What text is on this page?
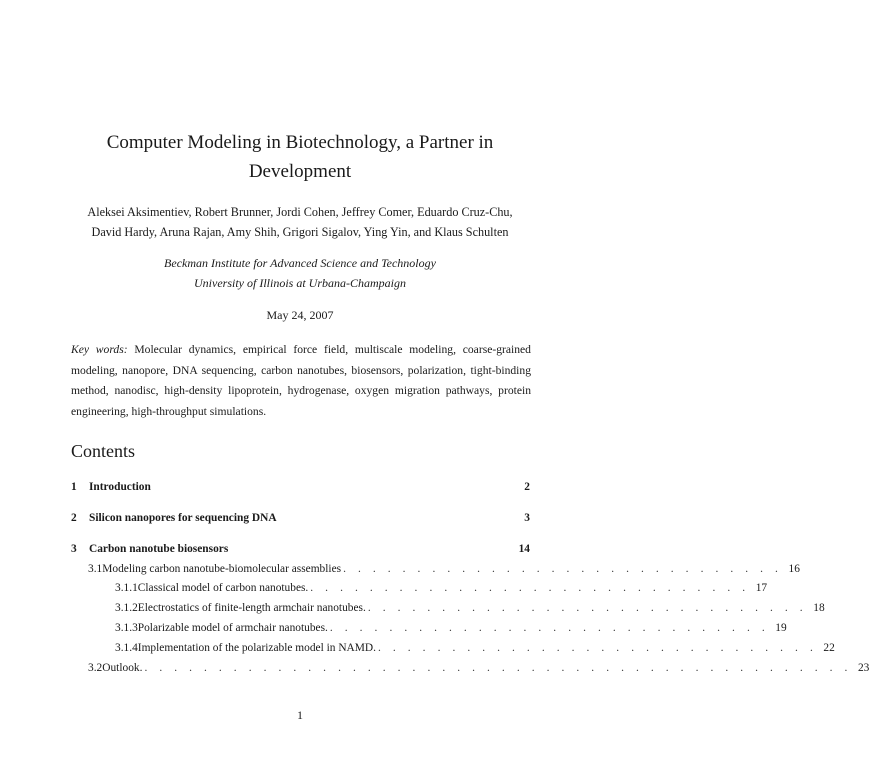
Computer Modeling in Biotechnology, a Partner in Development
Aleksei Aksimentiev, Robert Brunner, Jordi Cohen, Jeffrey Comer, Eduardo Cruz-Chu,
David Hardy, Aruna Rajan, Amy Shih, Grigori Sigalov, Ying Yin, and Klaus Schulten
Beckman Institute for Advanced Science and Technology
University of Illinois at Urbana-Champaign
May 24, 2007
Key words: Molecular dynamics, empirical force field, multiscale modeling, coarse-grained modeling, nanopore, DNA sequencing, carbon nanotubes, biosensors, polarization, tight-binding method, nanodisc, high-density lipoprotein, hydrogenase, oxygen migration pathways, protein engineering, high-throughput simulations.
Contents
1	Introduction	2
2	Silicon nanopores for sequencing DNA	3
3	Carbon nanotube biosensors	14
3.1 Modeling carbon nanotube-biomolecular assemblies . . . . . . . . . . . . . . . . . . . . . . . . . . . . . . 16
3.1.1 Classical model of carbon nanotubes. . . . . . . . . . . . . . . . . . . . . . . . . . . . . . . 17
3.1.2 Electrostatics of finite-length armchair nanotubes. . . . . . . . . . . . . . . . . . . . . . . . . . . . . . . 18
3.1.3 Polarizable model of armchair nanotubes. . . . . . . . . . . . . . . . . . . . . . . . . . . . . . . 19
3.1.4 Implementation of the polarizable model in NAMD. . . . . . . . . . . . . . . . . . . . . . . . . . . . . . . 22
3.2 Outlook. . . . . . . . . . . . . . . . . . . . . . . . . . . . . . . . . . . . . . . . . . . . . . . . . 23
1
